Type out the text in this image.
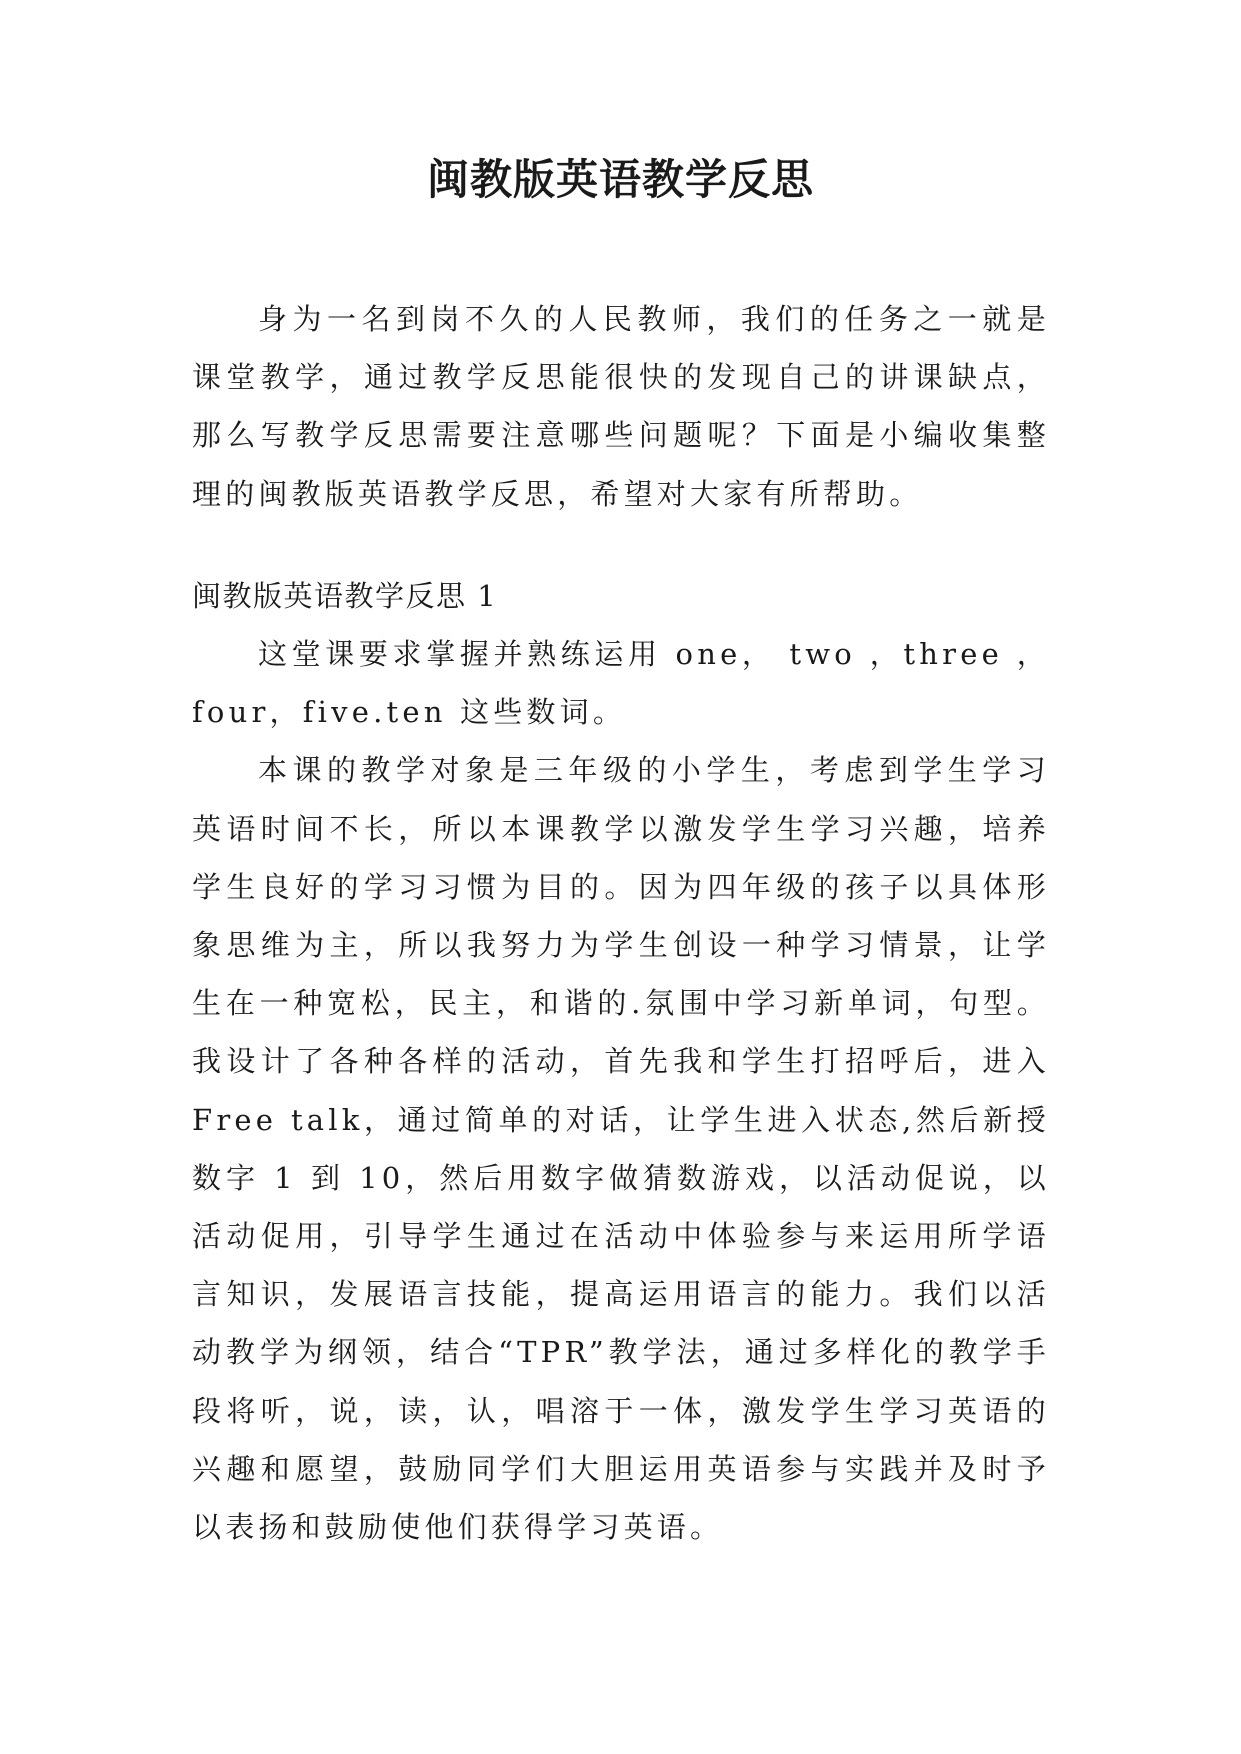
闽教版英语教学反思

身为一名到岗不久的人民教师，我们的任务之一就是课堂教学，通过教学反思能很快的发现自己的讲课缺点，那么写教学反思需要注意哪些问题呢？下面是小编收集整理的闽教版英语教学反思，希望对大家有所帮助。

闽教版英语教学反思 1

这堂课要求掌握并熟练运用 one， two ，three ，four，five.ten 这些数词。

本课的教学对象是三年级的小学生，考虑到学生学习英语时间不长，所以本课教学以激发学生学习兴趣，培养学生良好的学习习惯为目的。因为四年级的孩子以具体形象思维为主，所以我努力为学生创设一种学习情景，让学生在一种宽松，民主，和谐的.氛围中学习新单词，句型。我设计了各种各样的活动，首先我和学生打招呼后，进入 Free talk，通过简单的对话，让学生进入状态,然后新授数字 1 到 10，然后用数字做猜数游戏，以活动促说，以活动促用，引导学生通过在活动中体验参与来运用所学语言知识，发展语言技能，提高运用语言的能力。我们以活动教学为纲领，结合“TPR”教学法，通过多样化的教学手段将听，说，读，认，唱溶于一体，激发学生学习英语的兴趣和愿望，鼓励同学们大胆运用英语参与实践并及时予以表扬和鼓励使他们获得学习英语。
